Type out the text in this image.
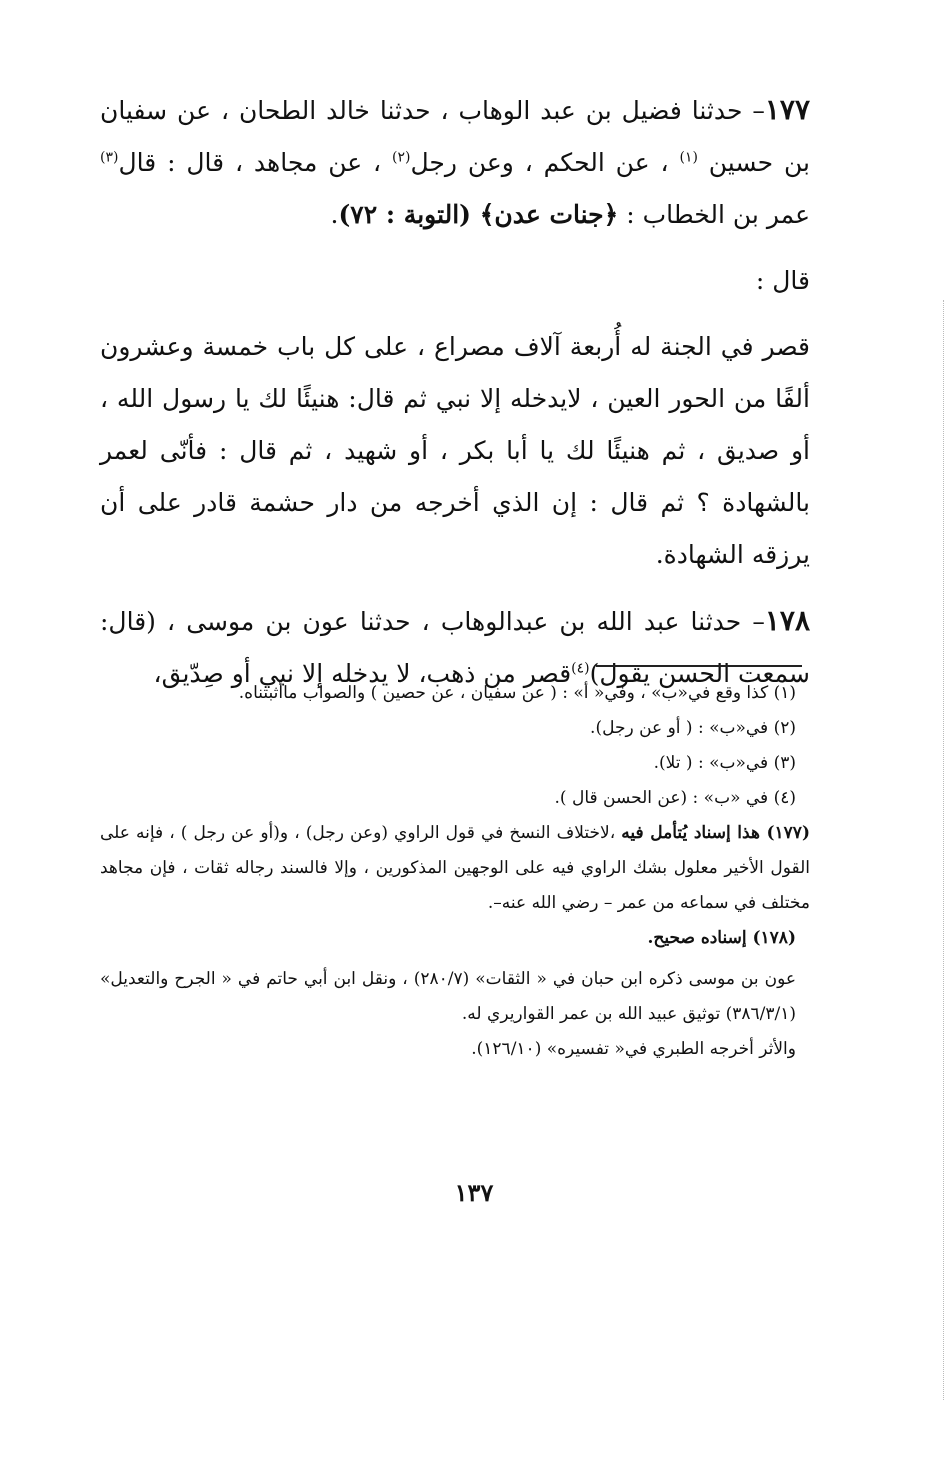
١٧٧– حدثنا فضيل بن عبد الوهاب ، حدثنا خالد الطحان ، عن سفيان بن حسين $^{(١)}$ ، عن الحكم ، وعن رجل$^{(٢)}$ ، عن مجاهد ، قال : قال$^{(٣)}$ عمر بن الخطاب : ﴿جنات عدن﴾ (التوبة : ٧٢).

قال :

قصر في الجنة له أُربعة آلاف مصراع ، على كل باب خمسة وعشرون ألفًا من الحور العين ، لايدخله إلا نبي ثم قال: هنيئًا لك يا رسول الله ، أو صديق ، ثم هنيئًا لك يا أبا بكر ، أو شهيد ، ثم قال : فأنّى لعمر بالشهادة ؟ ثم قال : إن الذي أخرجه من دار حشمة قادر على أن يرزقه الشهادة.

١٧٨– حدثنا عبد الله بن عبدالوهاب ، حدثنا عون بن موسى ، (قال: سمعت الحسن يقول)$^{(٤)}$قصر من ذهب، لا يدخله إلا نبي أو صِدّيق،

(١) كذا وقع في«ب» ، وفي« أ» : ( عن سفيان ، عن حصين ) والصواب ماأثبتناه.

(٢) في«ب» : ( أو عن رجل).

(٣) في«ب» : ( تلا).

(٤) في «ب» : (عن الحسن قال ).

(١٧٧) هذا إسناد يُتأمل فيه ،لاختلاف النسخ في قول الراوي (وعن رجل) ، و(أو عن رجل ) ، فإنه على القول الأخير معلول بشك الراوي فيه على الوجهين المذكورين ، وإلا فالسند رجاله ثقات ، فإن مجاهد مختلف في سماعه من عمر – رضي الله عنه–.

(١٧٨) إسناده صحيح.

عون بن موسى ذكره ابن حبان في « الثقات» (٢٨٠/٧) ، ونقل ابن أبي حاتم في « الجرح والتعديل» (٣٨٦/٣/١) توثيق عبيد الله بن عمر القواريري له.

والأثر أخرجه الطبري في« تفسيره» (١٢٦/١٠).

١٣٧
